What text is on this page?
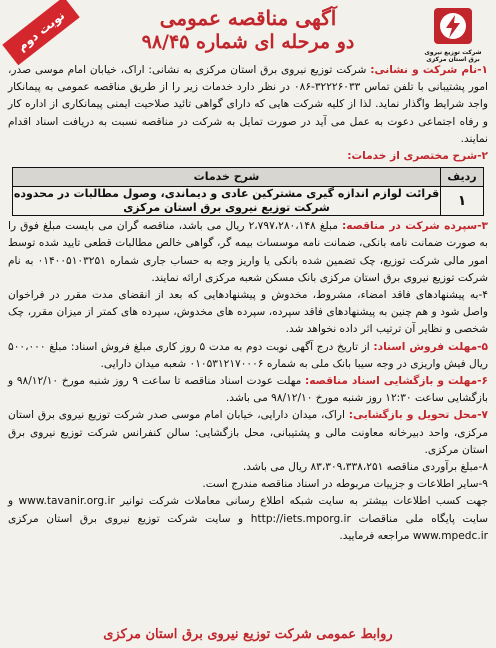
نوبت دوم	آگهی مناقصه عمومی
دو مرحله ای شماره ۹۸/۴۵	شرکت توزیع نیروی برق استان مرکزی

۱-نام شرکت و نشانی: شرکت توزیع نیروی برق استان مرکزی به نشانی: اراک، خیابان امام موسی صدر، امور پشتیبانی با تلفن تماس ۳۲۲۲۶۰۳۳-۰۸۶ در نظر دارد خدمات زیر را از طریق مناقصه عمومی به پیمانکار واجد شرایط واگذار نماید. لذا از کلیه شرکت هایی که دارای گواهی تائید صلاحیت ایمنی پیمانکاری از اداره کار و رفاه اجتماعی دعوت به عمل می آید در صورت تمایل به شرکت در مناقصه نسبت به دریافت اسناد اقدام نمایند.

۲-شرح مختصری از خدمات:

ردیف
شرح خدمات
۱
قرائت لوازم اندازه گیری مشترکین عادی و دیماندی، وصول مطالبات در محدوده شرکت توزیع نیروی برق استان مرکزی

۳-سپرده شرکت در مناقصه: مبلغ ۲،۷۹۷،۲۸۰،۱۴۸ ریال می باشد، مناقصه گران می بایست مبلغ فوق را به صورت ضمانت نامه بانکی، ضمانت نامه موسسات بیمه گر، گواهی خالص مطالبات قطعی تایید شده توسط امور مالی شرکت توزیع، چک تضمین شده بانکی یا واریز وجه به حساب جاری شماره ۰۱۴۰۰۵۱۰۳۲۵۱ به نام شرکت توزیع نیروی برق استان مرکزی بانک مسکن شعبه مرکزی ارائه نمایند.

۴-به پیشنهادهای فاقد امضاء، مشروط، مخدوش و پیشنهادهایی که بعد از انقضای مدت مقرر در فراخوان واصل شود و هم چنین به پیشنهادهای فاقد سپرده، سپرده های مخدوش، سپرده های کمتر از میزان مقرر، چک شخصی و نظایر آن ترتیب اثر داده نخواهد شد.

۵-مهلت فروش اسناد: از تاریخ درج آگهی نوبت دوم به مدت ۵ روز کاری مبلغ فروش اسناد: مبلغ ۵۰۰،۰۰۰ ریال فیش واریزی در وجه سیبا بانک ملی به شماره ۰۱۰۵۳۱۲۱۷۰۰۰۶ شعبه میدان دارایی.

۶-مهلت و بازگشایی اسناد مناقصه: مهلت عودت اسناد مناقصه تا ساعت ۹ روز شنبه مورخ ۹۸/۱۲/۱۰ و بازگشایی ساعت ۱۲:۳۰ روز شنبه مورخ ۹۸/۱۲/۱۰ می باشد.

۷-محل تحویل و بازگشایی: اراک، میدان دارایی، خیابان امام موسی صدر شرکت توزیع نیروی برق استان مرکزی، واحد دبیرخانه معاونت مالی و پشتیبانی، محل بازگشایی: سالن کنفرانس شرکت توزیع نیروی برق استان مرکزی.

۸-مبلغ برآوردی مناقصه ۸۳،۳۰۹،۳۳۸،۲۵۱ ریال می باشد.

۹-سایر اطلاعات و جزییات مربوطه در اسناد مناقصه مندرج است.

جهت کسب اطلاعات بیشتر به سایت شبکه اطلاع رسانی معاملات شرکت توانیر www.tavanir.org.ir و سایت پایگاه ملی مناقصات http://iets.mporg.ir و سایت شرکت توزیع نیروی برق استان مرکزی www.mpedc.ir مراجعه فرمایید.

روابط عمومی شرکت توزیع نیروی برق استان مرکزی
